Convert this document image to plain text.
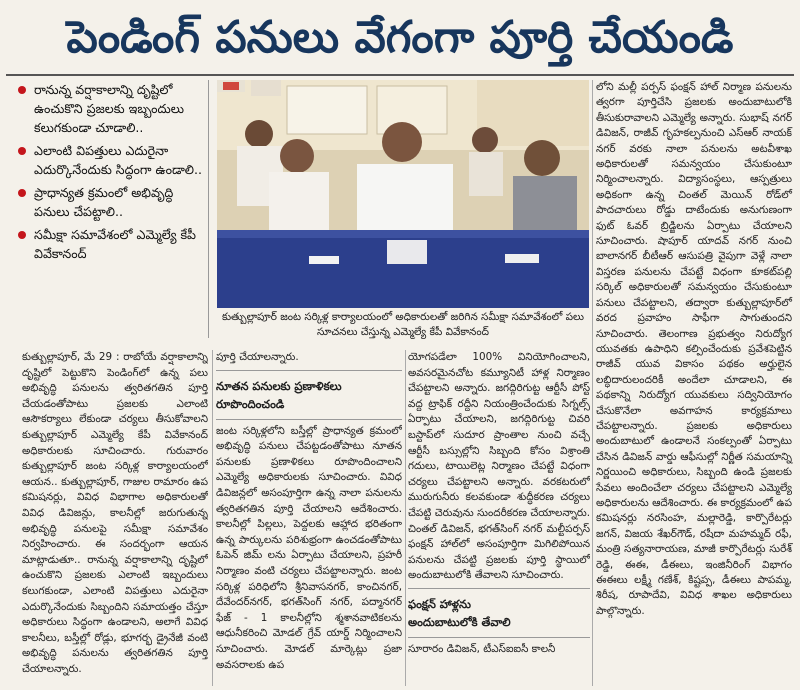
పెండింగ్ పనులు వేగంగా పూర్తి చేయండి
రానున్న వర్షాకాలాన్ని దృష్టిలో ఉంచుకొని ప్రజలకు ఇబ్బందులు కలుగకుండా చూడాలి..
ఎలాంటి విపత్తులు ఎదురైనా ఎదుర్కొనేందుకు సిద్ధంగా ఉండాలి..
ప్రాధాన్యత క్రమంలో అభివృద్ధి పనులు చేపట్టాలి..
సమీక్షా సమావేశంలో ఎమ్మెల్యే కేపీ వివేకానంద్
కుత్బుల్లాపూర్ జంట సర్కిళ్ల కార్యాలయంలో అధికారులతో జరిగిన సమీక్షా సమావేశంలో పలు సూచనలు చేస్తున్న ఎమ్మెల్యే కేపీ వివేకానంద్
లోని మల్లీ పర్పస్ ఫంక్షన్ హాల్ నిర్మాణ పనులను త్వరగా పూర్తిచేసి ప్రజలకు అందుబాటులోకి తీసుకురావాలని ఎమ్మెల్యే అన్నారు. సుభాష్ నగర్ డివిజన్, రాజీవ్ గృహకల్పనుంచి ఎస్ఆర్ నాయక్ నగర్ వరకు నాలా పనులను అటవీశాఖ అధికారులతో సమన్వయం చేసుకుంటూ నిర్మించాలన్నారు. విద్యాసంస్థలు, ఆస్పత్రులు అధికంగా ఉన్న చింతల్ మెయిన్ రోడ్‌లో పాదచారులు రోడ్డు దాటేందుకు అనుగుణంగా ఫుట్ ఓవర్ బ్రిడ్జిలను ఏర్పాటు చేయాలని సూచించారు. షాపూర్ యాదవ్ నగర్ నుంచి బాలానగర్ బీటీఆర్ ఆసుపత్రి వైపుగా వెళ్లే నాలా విస్తరణ పనులను చేపట్టే విధంగా కూకట్‌పల్లి సర్కిల్ అధికారులతో సమన్వయం చేసుకుంటూ పనులు చేపట్టాలని, తద్వారా కుత్బుల్లాపూర్‌లో వరద ప్రవాహం సాఫీగా సాగుతుందని సూచించారు. తెలంగాణ ప్రభుత్వం నిరుద్యోగ యువతకు ఉపాధిని కల్పించేందుకు ప్రవేశపెట్టిన రాజీవ్ యువ వికాసం పథకం అర్హులైన లబ్ధిదారులందరికీ అందేలా చూడాలని, ఈ పథకాన్ని నిరుద్యోగ యువకులు సద్వినియోగం చేసుకొనేలా అవగాహన కార్యక్రమాలు చేపట్టాలన్నారు. ప్రజలకు అధికారులు అందుబాటులో ఉండాలనే సంకల్పంతో ఏర్పాటు చేసిన డివిజన్ వార్డు ఆఫీసుల్లో నిర్ణీత సమయాన్ని నిర్ణయించి అధికారులు, సిబ్బంది ఉండి ప్రజలకు సేవలు అందించేలా చర్యలు చేపట్టాలని ఎమ్మెల్యే అధికారులను ఆదేశించారు. ఈ కార్యక్రమంలో ఉప కమిషనర్లు నరసింహ, మల్లారెడ్డి, కార్పొరేటర్లు జగన్, విజయ శేఖర్‌గౌడ్, రషీదా మహమ్మద్ రఫీ, మంత్రి సత్యనారాయణ, మాజీ కార్పొరేటర్లు సురేశ్ రెడ్డి, ఈఈ, డీఈలు, ఇంజినీరింగ్ విభాగం ఈఈలు లక్ష్మీ గణేశ్, కిష్టప్ప, డీఈలు పాపమ్మ, శిరీష, రూపాదేవి, వివిధ శాఖల అధికారులు పాల్గొన్నారు.

కుత్బుల్లాపూర్, మే 29 : రాబోయే వర్షాకాలాన్ని దృష్టిలో పెట్టుకొని పెండింగ్‌లో ఉన్న పలు అభివృద్ధి పనులను త్వరితగతిన పూర్తి చేయడంతోపాటు ప్రజలకు ఎలాంటి ఆసౌకర్యాలు లేకుండా చర్యలు తీసుకోవాలని కుత్బుల్లాపూర్ ఎమ్మెల్యే కేపీ వివేకానంద్ అధికారులకు సూచించారు. గురువారం కుత్బుల్లాపూర్ జంట సర్కిళ్ల కార్యాలయంలో ఆయన.. కుత్బుల్లాపూర్, గాజుల రామారం ఉప కమిషనర్లు, వివిధ విభాగాల అధికారులతో వివిధ డివిజన్లు, కాలనీల్లో జరుగుతున్న అభివృద్ధి పనులపై సమీక్షా సమావేశం నిర్వహించారు. ఈ సందర్భంగా ఆయన మాట్లాడుతూ.. రానున్న వర్షాకాలాన్ని దృష్టిలో ఉంచుకొని ప్రజలకు ఎలాంటి ఇబ్బందులు కలుగకుండా, ఎలాంటి విపత్తులు ఎదురైనా ఎదుర్కొనేందుకు సిబ్బందిని సమాయత్తం చేస్తూ అధికారులు సిద్ధంగా ఉండాలని, అలాగే వివిధ కాలనీలు, బస్తీల్లో రోడ్లు, భూగర్భ డ్రైనేజీ వంటి అభివృద్ధి పనులను త్వరితగతిన పూర్తి చేయాలన్నారు.

పూర్తి చేయాలన్నారు.

నూతన పనులకు ప్రణాళికలు రూపొందించండి

జంట సర్కిళ్లలోని బస్తీల్లో ప్రాధాన్యత క్రమంలో అభివృద్ధి పనులు చేపట్టడంతోపాటు నూతన పనులకు ప్రణాళికలు రూపొందించాలని ఎమ్మెల్యే అధికారులకు సూచించారు. వివిధ డివిజన్లలో అసంపూర్తిగా ఉన్న నాలా పనులను త్వరితగతిన పూర్తి చేయాలని ఆదేశించారు. కాలనీల్లో పిల్లలు, పెద్దలకు ఆహ్లాద భరితంగా ఉన్న పార్కులను పరిశుభ్రంగా ఉంచడంతోపాటు ఓపెన్ జిమ్ లను ఏర్పాటు చేయాలని, ప్రహరీ నిర్మాణం వంటి చర్యలు చేపట్టాలన్నారు. జంట సర్కిళ్ల పరిధిలోని శ్రీనివాసనగర్, కాంచినగర్, దేవేందర్‌నగర్, భగత్‌సింగ్ నగర్, పద్మానగర్ ఫేజ్ - 1 కాలనీల్లోని శ్మశానవాటికలను ఆధునీకరించి మోడల్ గ్రేవ్ యార్డ్ నిర్మించాలని సూచించారు. మోడల్ మార్కెట్లు ప్రజా అవసరాలకు ఉప

యోగపడేలా 100% వినియోగించాలని, అవసరమైనచోట కమ్యూనిటీ హాళ్ల నిర్మాణం చేపట్టాలని అన్నారు. జగద్గిరిగుట్ట ఆర్టీసీ పోస్ట్ వద్ద ట్రాఫిక్ రద్దీని నియంత్రించేందుకు సిగ్నల్స్ ఏర్పాటు చేయాలని, జగద్గిరిగుట్ట చివరి బస్టాప్‌లో సుదూర ప్రాంతాల నుంచి వచ్చే ఆర్టీసీ బస్సుల్లోని సిబ్బంది కోసం విశ్రాంతి గదులు, టాయిలెట్ల నిర్మాణం చేపట్టే విధంగా చర్యలు చేపట్టాలని అన్నారు. వరకటరులో మురుగునీరు కలవకుండా శుద్ధీకరణ చర్యలు చేపట్టి చెరువును సుందరీకరణ చేయాలన్నారు. చింతల్ డివిజన్, భగత్‌సింగ్ నగర్ మల్టీపర్పస్ ఫంక్షన్ హాల్‌లో అసంపూర్తిగా మిగిలిపోయిన పనులను చేపట్టి ప్రజలకు పూర్తి స్థాయిలో అందుబాటులోకి తేవాలని సూచించారు.

ఫంక్షన్ హాళ్లను
అందుబాటులోకి తేవాలి

సూరారం డివిజన్, టీఎస్‌ఐఐసీ కాలనీ
